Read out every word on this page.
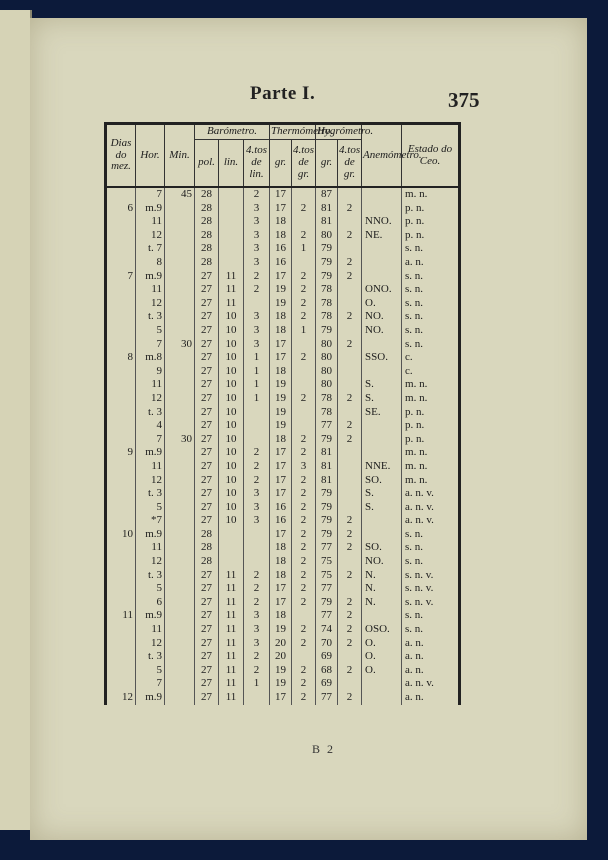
Parte I.	375
Dias do mez.	Hor.	Min.	Barómetro.			Thermómetro.		Hygrómetro.		Anemómetro.	Estado do Ceo.
			pol.	lin.	4.tos de lin.	gr.	4.tos de gr.	gr.	4.tos de gr.		
	7	45	28		2	17		87			m. n.
6	m.9		28		3	17	2	81	2		p. n.
	11		28		3	18		81		NNO.	p. n.
	12		28		3	18	2	80	2	NE.	p. n.
	t. 7		28		3	16	1	79			s. n.
	8		28		3	16		79	2		a. n.
7	m.9		27	11	2	17	2	79	2		s. n.
	11		27	11	2	19	2	78		ONO.	s. n.
	12		27	11		19	2	78		O.	s. n.
	t. 3		27	10	3	18	2	78	2	NO.	s. n.
	5		27	10	3	18	1	79		NO.	s. n.
	7	30	27	10	3	17		80	2		s. n.
8	m.8		27	10	1	17	2	80		SSO.	c.
	9		27	10	1	18		80			c.
	11		27	10	1	19		80		S.	m. n.
	12		27	10	1	19	2	78	2	S.	m. n.
	t. 3		27	10		19		78		SE.	p. n.
	4		27	10		19		77	2		p. n.
	7	30	27	10		18	2	79	2		p. n.
9	m.9		27	10	2	17	2	81			m. n.
	11		27	10	2	17	3	81		NNE.	m. n.
	12		27	10	2	17	2	81		SO.	m. n.
	t. 3		27	10	3	17	2	79		S.	a. n. v.
	5		27	10	3	16	2	79		S.	a. n. v.
	*7		27	10	3	16	2	79	2		a. n. v.
10	m.9		28			17	2	79	2		s. n.
	11		28			18	2	77	2	SO.	s. n.
	12		28			18	2	75		NO.	s. n.
	t. 3		27	11	2	18	2	75	2	N.	s. n. v.
	5		27	11	2	17	2	77		N.	s. n. v.
	6		27	11	2	17	2	79	2	N.	s. n. v.
11	m.9		27	11	3	18		77	2		s. n.
	11		27	11	3	19	2	74	2	OSO.	s. n.
	12		27	11	3	20	2	70	2	O.	a. n.
	t. 3		27	11	2	20		69		O.	a. n.
	5		27	11	2	19	2	68	2	O.	a. n.
	7		27	11	1	19	2	69			a. n. v.
12	m.9		27	11		17	2	77	2		a. n.
B 2
